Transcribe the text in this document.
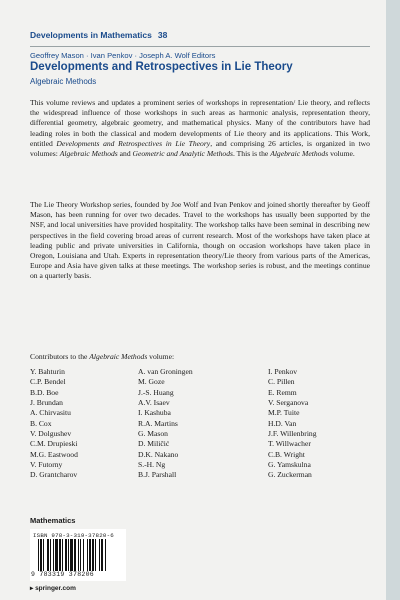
Developments in Mathematics 38
Geoffrey Mason · Ivan Penkov · Joseph A. Wolf Editors
Developments and Retrospectives in Lie Theory
Algebraic Methods
This volume reviews and updates a prominent series of workshops in representation/ Lie theory, and reflects the widespread influence of those workshops in such areas as harmonic analysis, representation theory, differential geometry, algebraic geometry, and mathematical physics. Many of the contributors have had leading roles in both the classical and modern developments of Lie theory and its applications. This Work, entitled Developments and Retrospectives in Lie Theory, and comprising 26 articles, is organized in two volumes: Algebraic Methods and Geometric and Analytic Methods. This is the Algebraic Methods volume.
The Lie Theory Workshop series, founded by Joe Wolf and Ivan Penkov and joined shortly thereafter by Geoff Mason, has been running for over two decades. Travel to the workshops has usually been supported by the NSF, and local universities have provided hospitality. The workshop talks have been seminal in describing new perspectives in the field covering broad areas of current research. Most of the workshops have taken place at leading public and private universities in California, though on occasion workshops have taken place in Oregon, Louisiana and Utah. Experts in representation theory/Lie theory from various parts of the Americas, Europe and Asia have given talks at these meetings. The workshop series is robust, and the meetings continue on a quarterly basis.
Contributors to the Algebraic Methods volume:
Y. Bahturin
C.P. Bendel
B.D. Boe
J. Brundan
A. Chirvasitu
B. Cox
V. Dolgushev
C.M. Drupieski
M.G. Eastwood
V. Futorny
D. Grantcharov
A. van Groningen
M. Goze
J.-S. Huang
A.V. Isaev
I. Kashuba
R.A. Martins
G. Mason
D. Miličić
D.K. Nakano
S.-H. Ng
B.J. Parshall
I. Penkov
C. Pillen
E. Remm
V. Serganova
M.P. Tuite
H.D. Van
J.F. Willenbring
T. Willwacher
C.B. Wright
G. Yamskulna
G. Zuckerman
Mathematics
ISBN 978-3-319-37820-6
9 783319 378206
▸ springer.com
